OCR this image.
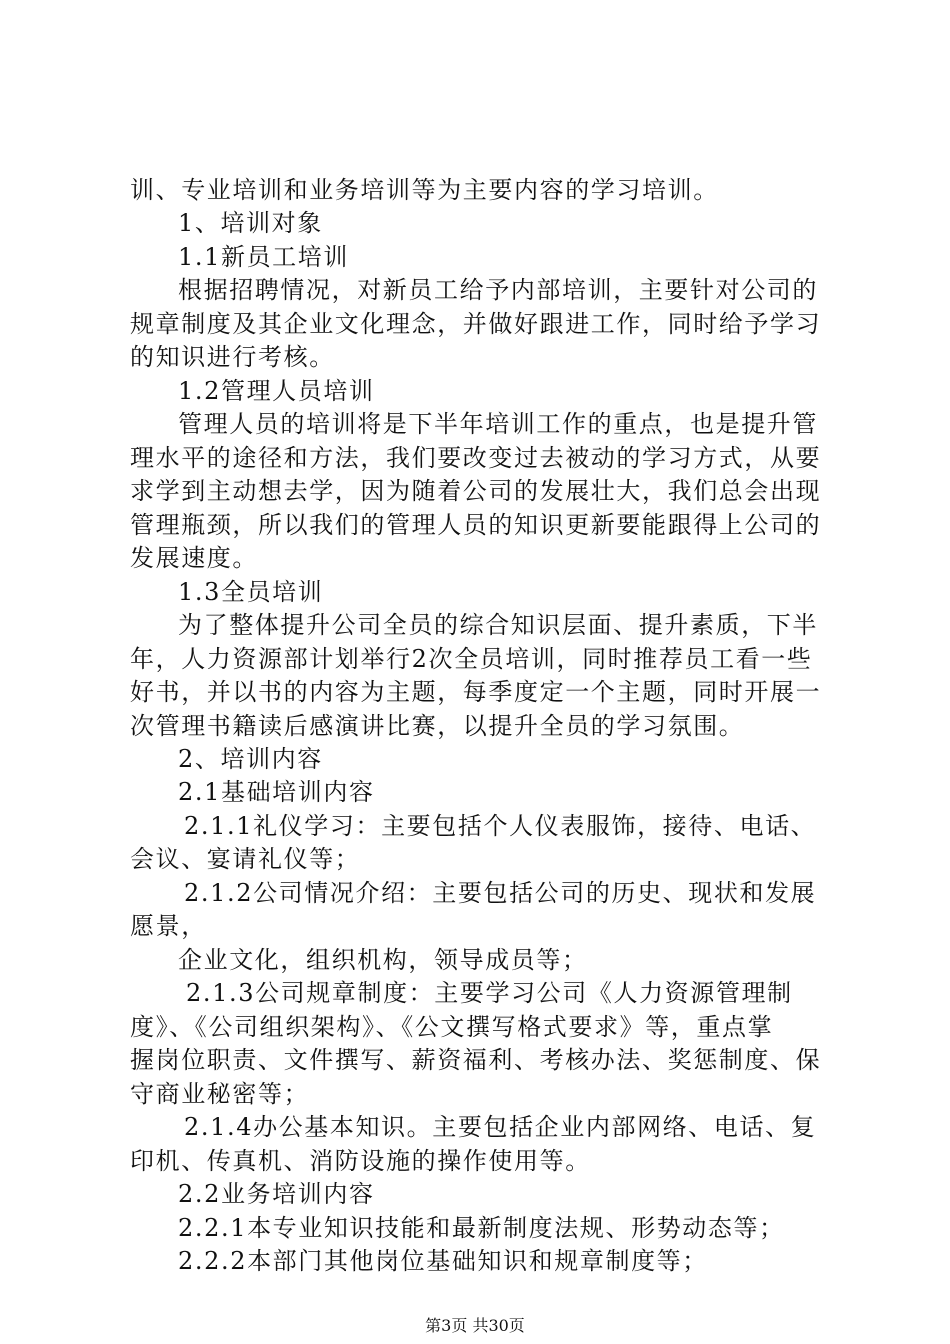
训、专业培训和业务培训等为主要内容的学习培训。
1、培训对象
1.1新员工培训
根据招聘情况，对新员工给予内部培训，主要针对公司的
规章制度及其企业文化理念，并做好跟进工作，同时给予学习
的知识进行考核。
1.2管理人员培训
管理人员的培训将是下半年培训工作的重点，也是提升管
理水平的途径和方法，我们要改变过去被动的学习方式，从要
求学到主动想去学，因为随着公司的发展壮大，我们总会出现
管理瓶颈，所以我们的管理人员的知识更新要能跟得上公司的
发展速度。
1.3全员培训
为了整体提升公司全员的综合知识层面、提升素质，下半
年，人力资源部计划举行2次全员培训，同时推荐员工看一些
好书，并以书的内容为主题，每季度定一个主题，同时开展一
次管理书籍读后感演讲比赛，以提升全员的学习氛围。
2、培训内容
2.1基础培训内容
2.1.1礼仪学习：主要包括个人仪表服饰，接待、电话、
会议、宴请礼仪等；
2.1.2公司情况介绍：主要包括公司的历史、现状和发展
愿景，
企业文化，组织机构，领导成员等；
2.1.3公司规章制度：主要学习公司《人力资源管理制
度》、《公司组织架构》、《公文撰写格式要求》等，重点掌
握岗位职责、文件撰写、薪资福利、考核办法、奖惩制度、保
守商业秘密等；
2.1.4办公基本知识。主要包括企业内部网络、电话、复
印机、传真机、消防设施的操作使用等。
2.2业务培训内容
2.2.1本专业知识技能和最新制度法规、形势动态等；
2.2.2本部门其他岗位基础知识和规章制度等；
第3页 共30页
